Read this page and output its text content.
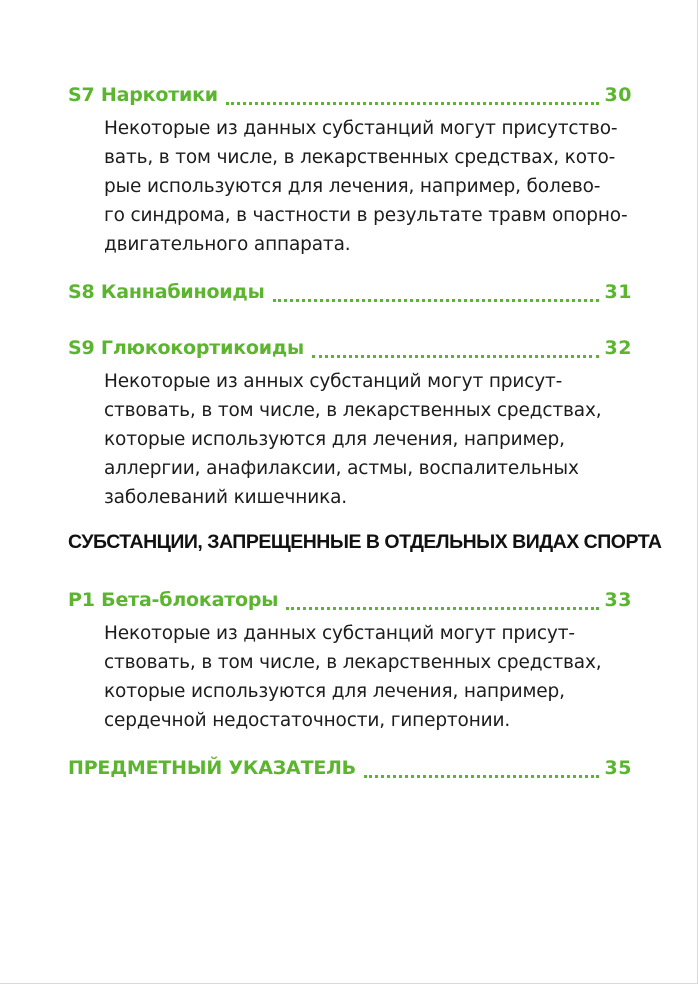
S7 Наркотики	30
Некоторые из данных субстанций могут присутство-
вать, в том числе, в лекарственных средствах, кото-
рые используются для лечения, например, болево-
го синдрома, в частности в результате травм опорно-
двигательного аппарата.
S8 Каннабиноиды	31
S9 Глюкокортикоиды	32
Некоторые из анных субстанций могут присут-
ствовать, в том числе, в лекарственных средствах,
которые используются для лечения, например,
аллергии, анафилаксии, астмы, воспалительных
заболеваний кишечника.
СУБСТАНЦИИ, ЗАПРЕЩЕННЫЕ В ОТДЕЛЬНЫХ ВИДАХ СПОРТА
P1 Бета-блокаторы	33
Некоторые из данных субстанций могут присут-
ствовать, в том числе, в лекарственных средствах,
которые используются для лечения, например,
сердечной недостаточности, гипертонии.
ПРЕДМЕТНЫЙ УКАЗАТЕЛЬ	35
